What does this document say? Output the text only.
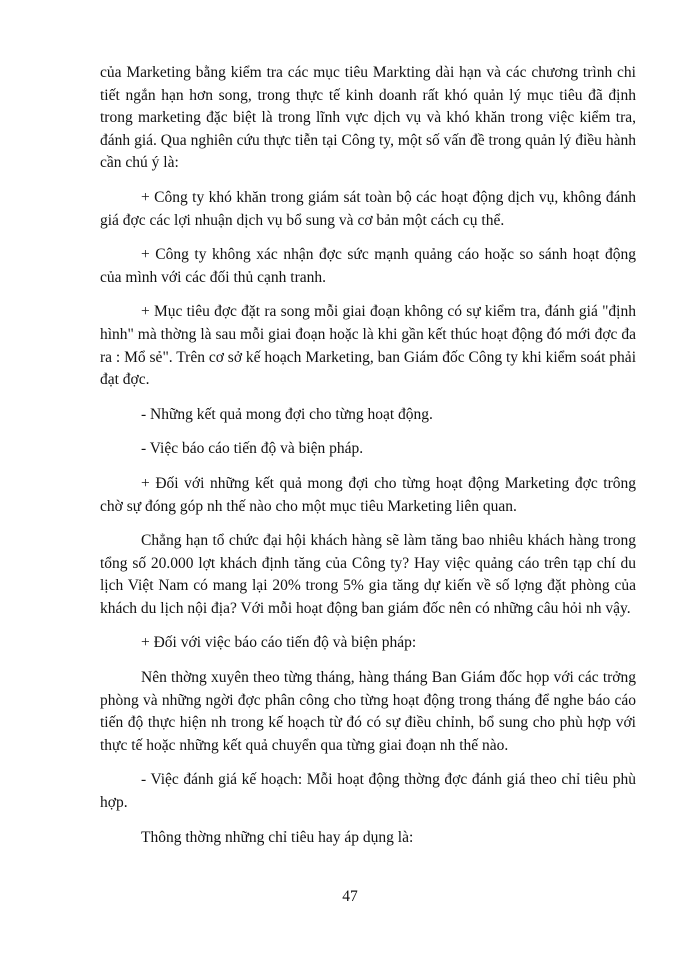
của Marketing bằng kiểm tra các mục tiêu Markting dài hạn và các chương trình chi tiết ngắn hạn hơn song, trong thực tế kinh doanh rất khó quản lý mục tiêu đã định trong marketing đặc biệt là trong lĩnh vực dịch vụ và khó khăn trong việc kiểm tra, đánh giá. Qua nghiên cứu thực tiễn tại Công ty, một số vấn đề trong quản lý điều hành cần chú ý là:

+ Công ty khó khăn trong giám sát toàn bộ các hoạt động dịch vụ, không đánh giá đợc các lợi nhuận dịch vụ bổ sung và cơ bản một cách cụ thể.

+ Công ty không xác nhận đợc sức mạnh quảng cáo hoặc so sánh hoạt động của mình với các đối thủ cạnh tranh.

+ Mục tiêu đợc đặt ra song mỗi giai đoạn không có sự kiểm tra, đánh giá "định hình" mà thờng là sau mỗi giai đoạn hoặc là khi gần kết thúc hoạt động đó mới đợc đa ra : Mổ sẻ". Trên cơ sở kế hoạch Marketing, ban Giám đốc Công ty khi kiểm soát phải đạt đợc.

- Những kết quả mong đợi cho từng hoạt động.

- Việc báo cáo tiến độ và biện pháp.

+ Đối với những kết quả mong đợi cho từng hoạt động Marketing đợc trông chờ sự đóng góp nh thế nào cho một mục tiêu Marketing liên quan.

Chẳng hạn tổ chức đại hội khách hàng sẽ làm tăng bao nhiêu khách hàng trong tổng số 20.000 lợt khách định tăng của Công ty? Hay việc quảng cáo trên tạp chí du lịch Việt Nam có mang lại 20% trong 5% gia tăng dự kiến về số lợng đặt phòng của khách du lịch nội địa? Với mỗi hoạt động ban giám đốc nên có những câu hỏi nh vậy.

+ Đối với việc báo cáo tiến độ và biện pháp:

Nên thờng xuyên theo từng tháng, hàng tháng Ban Giám đốc họp với các trởng phòng và những ngời đợc phân công cho từng hoạt động trong tháng để nghe báo cáo tiến độ thực hiện nh trong kế hoạch từ đó có sự điều chỉnh, bổ sung cho phù hợp với thực tế hoặc những kết quả chuyển qua từng giai đoạn nh thế nào.

- Việc đánh giá kế hoạch: Mỗi hoạt động thờng đợc đánh giá theo chỉ tiêu phù hợp.

Thông thờng những chỉ tiêu hay áp dụng là:

47
